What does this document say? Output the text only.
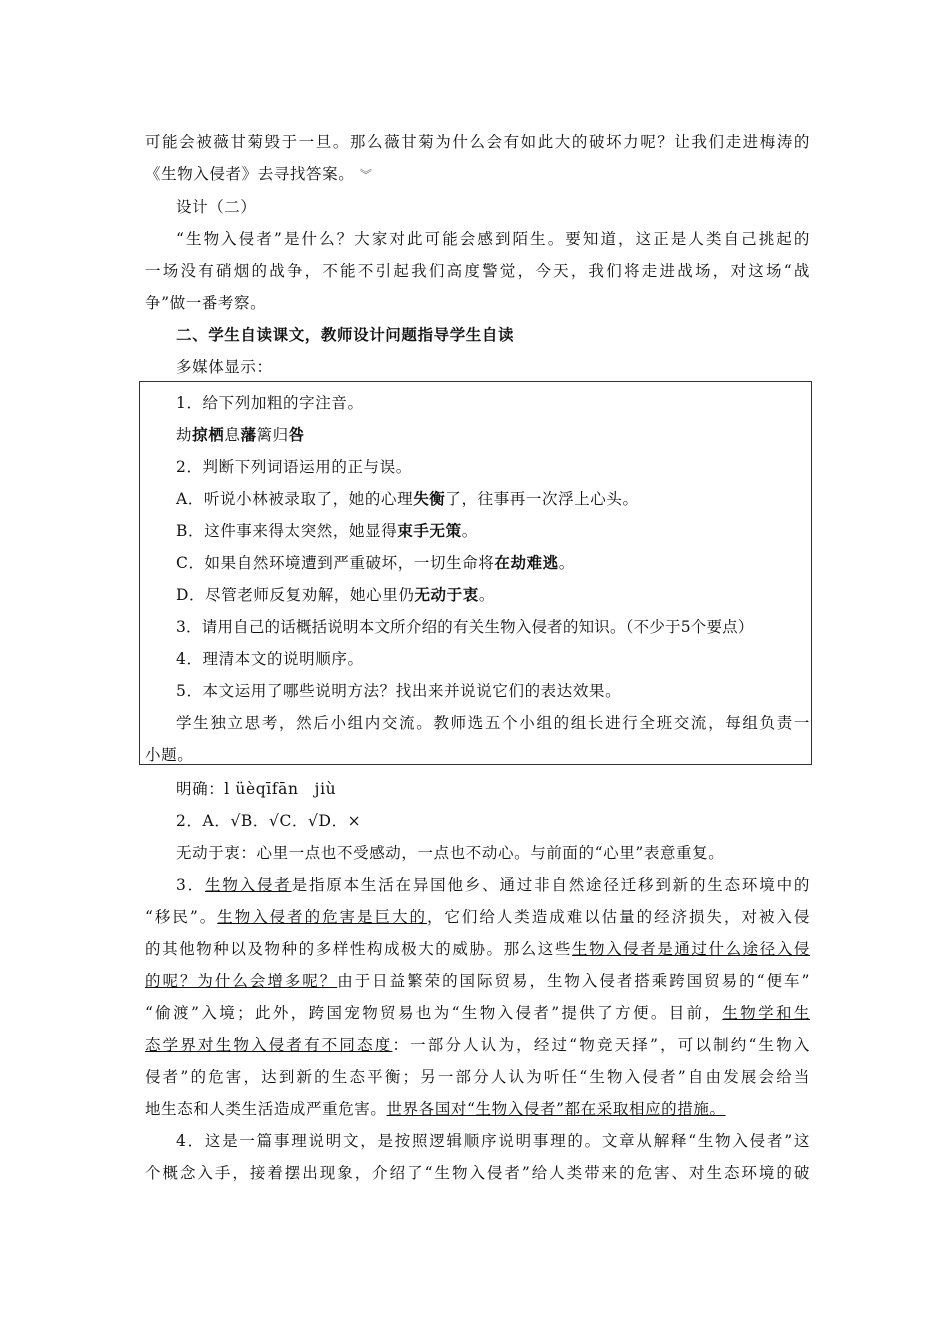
可能会被薇甘菊毁于一旦。那么薇甘菊为什么会有如此大的破坏力呢？让我们走进梅涛的
《生物入侵者》去寻找答案。 ︾
设计（二）
“生物入侵者”是什么？大家对此可能会感到陌生。要知道，这正是人类自己挑起的
一场没有硝烟的战争，不能不引起我们高度警觉，今天，我们将走进战场，对这场“战
争”做一番考察。
二、学生自读课文，教师设计问题指导学生自读
多媒体显示：
1．给下列加粗的字注音。
劫掠栖息藩篱归咎
2．判断下列词语运用的正与误。
A．听说小林被录取了，她的心理失衡了，往事再一次浮上心头。
B．这件事来得太突然，她显得束手无策。
C．如果自然环境遭到严重破坏，一切生命将在劫难逃。
D．尽管老师反复劝解，她心里仍无动于衷。
3．请用自己的话概括说明本文所介绍的有关生物入侵者的知识。（不少于5个要点）
4．理清本文的说明顺序。
5．本文运用了哪些说明方法？找出来并说说它们的表达效果。
学生独立思考，然后小组内交流。教师选五个小组的组长进行全班交流，每组负责一
小题。
明确：l üèqīfān　jiù
2．A．√B．√C．√D．×
无动于衷：心里一点也不受感动，一点也不动心。与前面的“心里”表意重复。
3．生物入侵者是指原本生活在异国他乡、通过非自然途径迁移到新的生态环境中的
“移民”。生物入侵者的危害是巨大的，它们给人类造成难以估量的经济损失，对被入侵
的其他物种以及物种的多样性构成极大的威胁。那么这些生物入侵者是通过什么途径入侵
的呢？为什么会增多呢？由于日益繁荣的国际贸易，生物入侵者搭乘跨国贸易的“便车”
“偷渡”入境；此外，跨国宠物贸易也为“生物入侵者”提供了方便。目前，生物学和生
态学界对生物入侵者有不同态度：一部分人认为，经过“物竞天择”，可以制约“生物入
侵者”的危害，达到新的生态平衡；另一部分人认为听任“生物入侵者”自由发展会给当
地生态和人类生活造成严重危害。世界各国对“生物入侵者”都在采取相应的措施。
4．这是一篇事理说明文，是按照逻辑顺序说明事理的。文章从解释“生物入侵者”这
个概念入手，接着摆出现象，介绍了“生物入侵者”给人类带来的危害、对生态环境的破
